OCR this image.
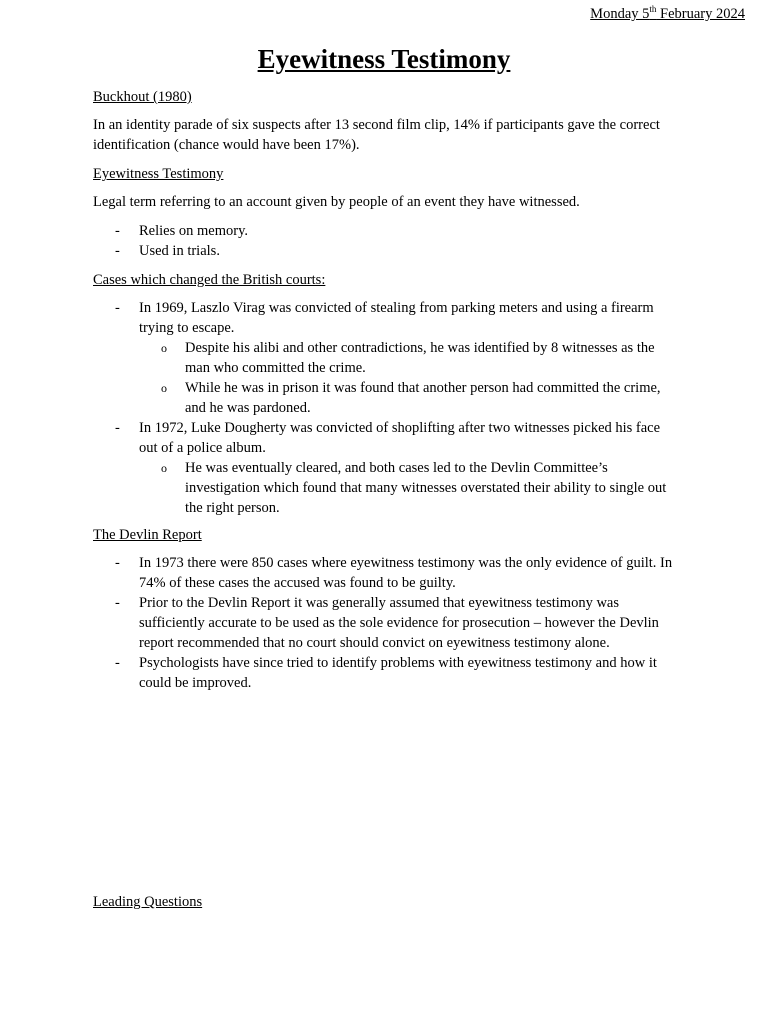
Monday 5th February 2024
Eyewitness Testimony
Buckhout (1980)
In an identity parade of six suspects after 13 second film clip, 14% if participants gave the correct identification (chance would have been 17%).
Eyewitness Testimony
Legal term referring to an account given by people of an event they have witnessed.
- Relies on memory.
- Used in trials.
Cases which changed the British courts:
- In 1969, Laszlo Virag was convicted of stealing from parking meters and using a firearm trying to escape.
o Despite his alibi and other contradictions, he was identified by 8 witnesses as the man who committed the crime.
o While he was in prison it was found that another person had committed the crime, and he was pardoned.
- In 1972, Luke Dougherty was convicted of shoplifting after two witnesses picked his face out of a police album.
o He was eventually cleared, and both cases led to the Devlin Committee’s investigation which found that many witnesses overstated their ability to single out the right person.
The Devlin Report
- In 1973 there were 850 cases where eyewitness testimony was the only evidence of guilt. In 74% of these cases the accused was found to be guilty.
- Prior to the Devlin Report it was generally assumed that eyewitness testimony was sufficiently accurate to be used as the sole evidence for prosecution – however the Devlin report recommended that no court should convict on eyewitness testimony alone.
- Psychologists have since tried to identify problems with eyewitness testimony and how it could be improved.
Leading Questions
